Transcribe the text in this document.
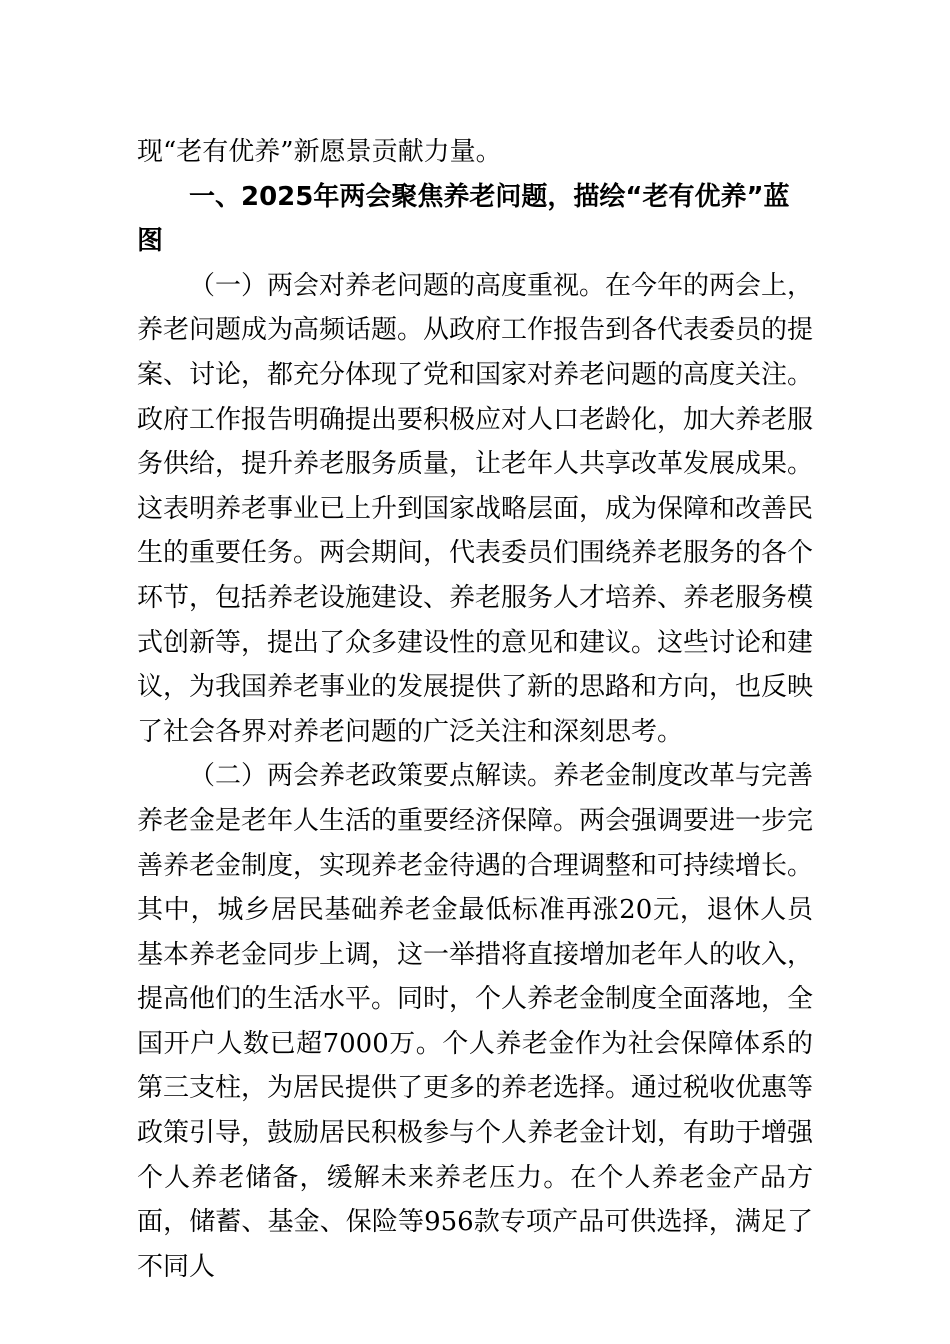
现“老有优养”新愿景贡献力量。

一、2025年两会聚焦养老问题，描绘“老有优养”蓝图

（一）两会对养老问题的高度重视。在今年的两会上，养老问题成为高频话题。从政府工作报告到各代表委员的提案、讨论，都充分体现了党和国家对养老问题的高度关注。政府工作报告明确提出要积极应对人口老龄化，加大养老服务供给，提升养老服务质量，让老年人共享改革发展成果。这表明养老事业已上升到国家战略层面，成为保障和改善民生的重要任务。两会期间，代表委员们围绕养老服务的各个环节，包括养老设施建设、养老服务人才培养、养老服务模式创新等，提出了众多建设性的意见和建议。这些讨论和建议，为我国养老事业的发展提供了新的思路和方向，也反映了社会各界对养老问题的广泛关注和深刻思考。

（二）两会养老政策要点解读。养老金制度改革与完善养老金是老年人生活的重要经济保障。两会强调要进一步完善养老金制度，实现养老金待遇的合理调整和可持续增长。其中，城乡居民基础养老金最低标准再涨20元，退休人员基本养老金同步上调，这一举措将直接增加老年人的收入，提高他们的生活水平。同时，个人养老金制度全面落地，全国开户人数已超7000万。个人养老金作为社会保障体系的第三支柱，为居民提供了更多的养老选择。通过税收优惠等政策引导，鼓励居民积极参与个人养老金计划，有助于增强个人养老储备，缓解未来养老压力。在个人养老金产品方面，储蓄、基金、保险等956款专项产品可供选择，满足了不同人
